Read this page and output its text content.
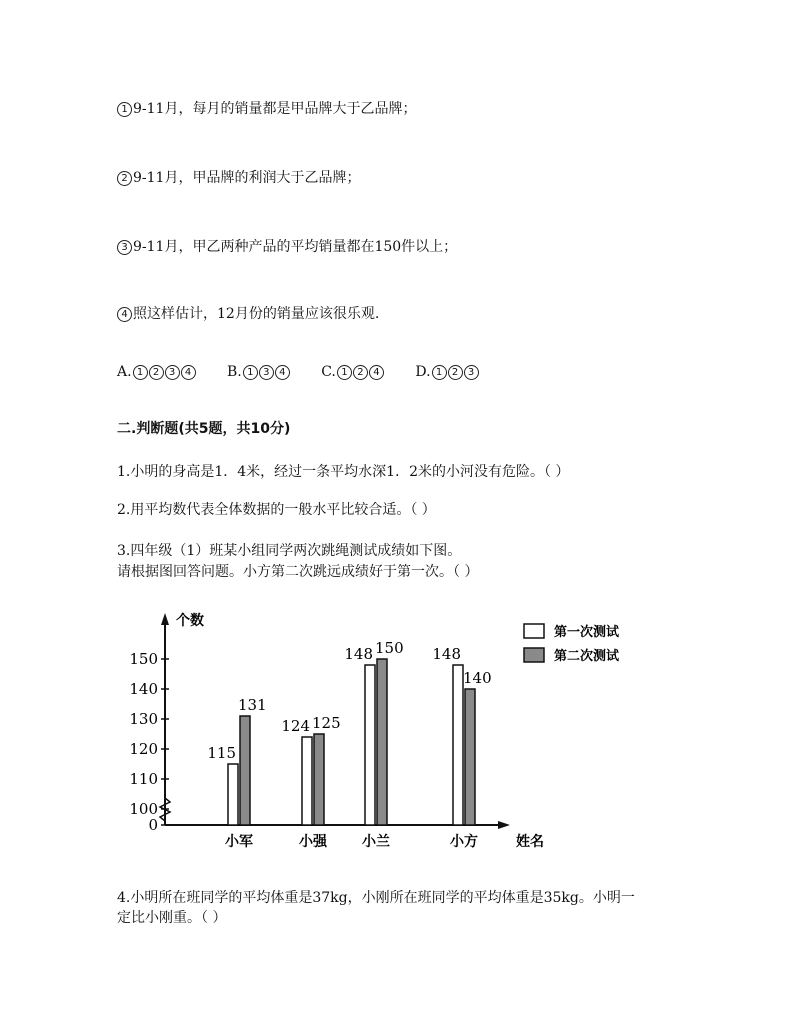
1 9-11月，每月的销量都是甲品牌大于乙品牌；
2 9-11月，甲品牌的利润大于乙品牌；
3 9-11月，甲乙两种产品的平均销量都在150件以上；
4 照这样估计，12月份的销量应该很乐观.
A. 1 2 3 4	B. 1 3 4	C. 1 2 4	D. 1 2 3
二.判断题(共5题，共10分)
1.小明的身高是1．4米，经过一条平均水深1．2米的小河没有危险。（ ）
2.用平均数代表全体数据的一般水平比较合适。（ ）
3.四年级（1）班某小组同学两次跳绳测试成绩如下图。
请根据图回答问题。小方第二次跳远成绩好于第一次。（ ）
个数
姓名
0
100
110
120
130
140
150
115
131
124 125
148 150 148
140
小军	小强	小兰	小方
第一次测试
第二次测试
4.小明所在班同学的平均体重是37kg，小刚所在班同学的平均体重是35kg。小明一
定比小刚重。（ ）
